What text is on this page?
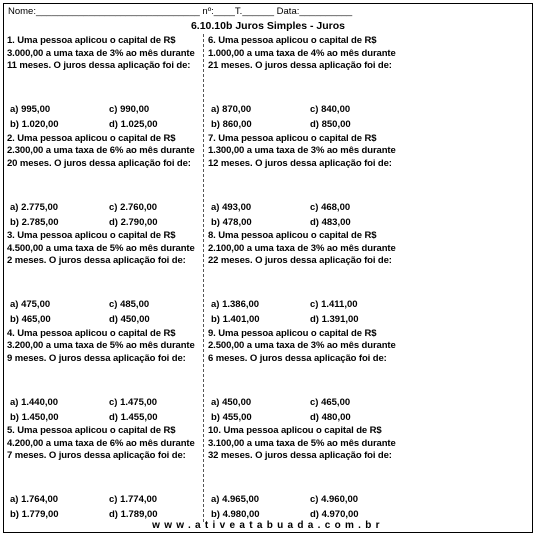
Nome:_______________________________ nº:____T.______ Data:__________
6.10.10b Juros Simples - Juros
1. Uma pessoa aplicou o capital de R$ 3.000,00 a uma taxa de 3% ao mês durante 11 meses. O juros dessa aplicação foi de:
a) 995,00	c) 990,00
b) 1.020,00	d) 1.025,00
2. Uma pessoa aplicou o capital de R$ 2.300,00 a uma taxa de 6% ao mês durante 20 meses. O juros dessa aplicação foi de:
a) 2.775,00	c) 2.760,00
b) 2.785,00	d) 2.790,00
3. Uma pessoa aplicou o capital de R$ 4.500,00 a uma taxa de 5% ao mês durante 2 meses. O juros dessa aplicação foi de:
a) 475,00	c) 485,00
b) 465,00	d) 450,00
4. Uma pessoa aplicou o capital de R$ 3.200,00 a uma taxa de 5% ao mês durante 9 meses. O juros dessa aplicação foi de:
a) 1.440,00	c) 1.475,00
b) 1.450,00	d) 1.455,00
5. Uma pessoa aplicou o capital de R$ 4.200,00 a uma taxa de 6% ao mês durante 7 meses. O juros dessa aplicação foi de:
a) 1.764,00	c) 1.774,00
b) 1.779,00	d) 1.789,00
6. Uma pessoa aplicou o capital de R$ 1.000,00 a uma taxa de 4% ao mês durante 21 meses. O juros dessa aplicação foi de:
a) 870,00	c) 840,00
b) 860,00	d) 850,00
7. Uma pessoa aplicou o capital de R$ 1.300,00 a uma taxa de 3% ao mês durante 12 meses. O juros dessa aplicação foi de:
a) 493,00	c) 468,00
b) 478,00	d) 483,00
8. Uma pessoa aplicou o capital de R$ 2.100,00 a uma taxa de 3% ao mês durante 22 meses. O juros dessa aplicação foi de:
a) 1.386,00	c) 1.411,00
b) 1.401,00	d) 1.391,00
9. Uma pessoa aplicou o capital de R$ 2.500,00 a uma taxa de 3% ao mês durante 6 meses. O juros dessa aplicação foi de:
a) 450,00	c) 465,00
b) 455,00	d) 480,00
10. Uma pessoa aplicou o capital de R$ 3.100,00 a uma taxa de 5% ao mês durante 32 meses. O juros dessa aplicação foi de:
a) 4.965,00	c) 4.960,00
b) 4.980,00	d) 4.970,00
www.ativeatabuada.com.br
